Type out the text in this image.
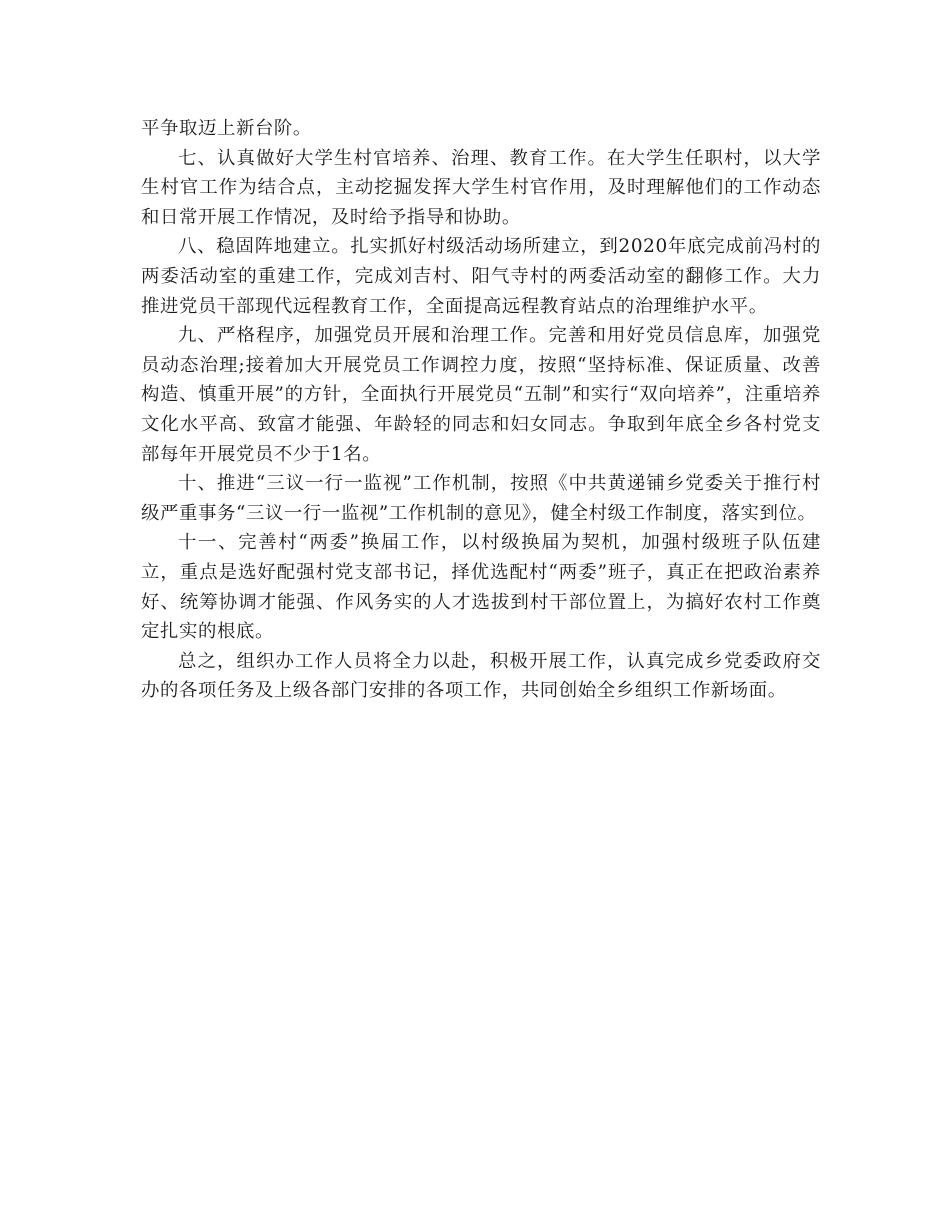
平争取迈上新台阶。

七、认真做好大学生村官培养、治理、教育工作。在大学生任职村，以大学生村官工作为结合点，主动挖掘发挥大学生村官作用，及时理解他们的工作动态和日常开展工作情况，及时给予指导和协助。

八、稳固阵地建立。扎实抓好村级活动场所建立，到2020年底完成前冯村的两委活动室的重建工作，完成刘吉村、阳气寺村的两委活动室的翻修工作。大力推进党员干部现代远程教育工作，全面提高远程教育站点的治理维护水平。

九、严格程序，加强党员开展和治理工作。完善和用好党员信息库，加强党员动态治理;接着加大开展党员工作调控力度，按照“坚持标准、保证质量、改善构造、慎重开展”的方针，全面执行开展党员“五制”和实行“双向培养”，注重培养文化水平高、致富才能强、年龄轻的同志和妇女同志。争取到年底全乡各村党支部每年开展党员不少于1名。

十、推进“三议一行一监视”工作机制，按照《中共黄递铺乡党委关于推行村级严重事务“三议一行一监视”工作机制的意见》，健全村级工作制度，落实到位。

十一、完善村“两委”换届工作，以村级换届为契机，加强村级班子队伍建立，重点是选好配强村党支部书记，择优选配村“两委”班子，真正在把政治素养好、统筹协调才能强、作风务实的人才选拔到村干部位置上，为搞好农村工作奠定扎实的根底。

总之，组织办工作人员将全力以赴，积极开展工作，认真完成乡党委政府交办的各项任务及上级各部门安排的各项工作，共同创始全乡组织工作新场面。
